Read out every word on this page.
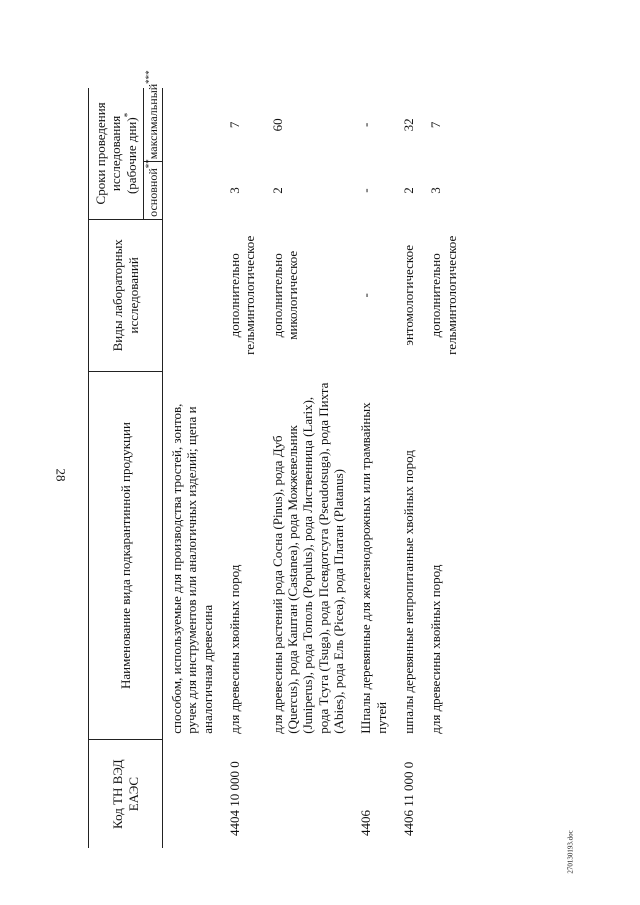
28
Код ТН ВЭД ЕАЭС	Наименование вида подкарантинной продукции	Виды лабораторных исследований	Сроки проведения исследования (рабочие дни)*
			основной**	максимальный***
	способом, используемые для производства тростей, зонтов, ручек для инструментов или аналогичных изделий; щепа и аналогичная древесина			
4404 10 000 0	для древесины хвойных пород	дополнительно гельминтологическое	3	7
	для древесины растений рода Сосна (Pinus), рода Дуб (Quercus), рода Каштан (Castanea), рода Можжевельник (Juniperus), рода Тополь (Populus), рода Лиственница (Larix), рода Тсуга (Tsuga), рода Псевдотсуга (Pseudotsuga), рода Пихта (Abies), рода Ель (Picea), рода Платан (Platanus)	дополнительно микологическое	2	60
4406	Шпалы деревянные для железнодорожных или трамвайных путей	-	-	-
4406 11 000 0	шпалы деревянные непропитанные хвойных пород	энтомологическое	2	32
	для древесины хвойных пород	дополнительно гельминтологическое	3	7
270130193.doc
